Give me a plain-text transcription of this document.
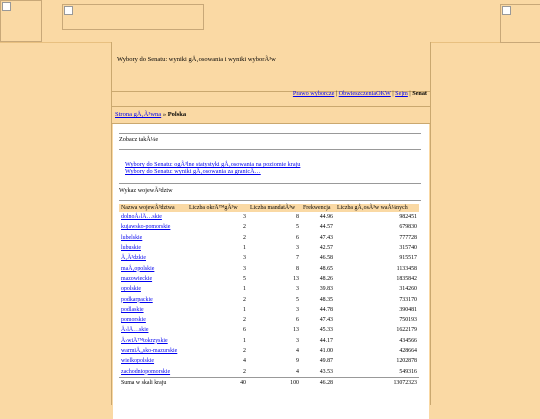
Wybory do Senatu: wyniki gÅ‚osowania i wyniki wyborÃ³w
Prawo wyborcze | ObwieszczeniaOKW | Sejm | Senat
Strona gÅ‚Ã³wna » Polska
Zobacz takÅ¼e
Wybory do Senatu: ogÃ³lne statystyki gÅ‚osowania na poziomie kraju
Wybory do Senatu: wyniki gÅ‚osowania za granicÄ…
Wykaz wojewÃ³dztw
Nazwa wojewÃ³dztwa	Liczba okrÄ™gÃ³w	Liczba mandatÃ³w	Frekwencja	Liczba gÅ‚osÃ³w waÅ¼nych
dolnoÅ›lÄ…skie	3	8	44.96	982451
kujawsko-pomorskie	2	5	44.57	679830
lubelskie	2	6	47.43	777728
lubuskie	1	3	42.57	315740
Å‚Ã³dzkie	3	7	46.58	915517
maÅ‚opolskie	3	8	48.65	1133458
mazowieckie	5	13	48.26	1835842
opolskie	1	3	39.83	314260
podkarpackie	2	5	48.35	733170
podlaskie	1	3	44.78	390481
pomorskie	2	6	47.43	750193
Å›lÄ…skie	6	13	45.33	1622179
Å›wiÄ™tokrzyskie	1	3	44.17	434566
warmiÅ„sko-mazurskie	2	4	41.00	428664
wielkopolskie	4	9	49.87	1202878
zachodniopomorskie	2	4	43.53	549316
Suma w skali kraju	40	100	46.28	13072323
